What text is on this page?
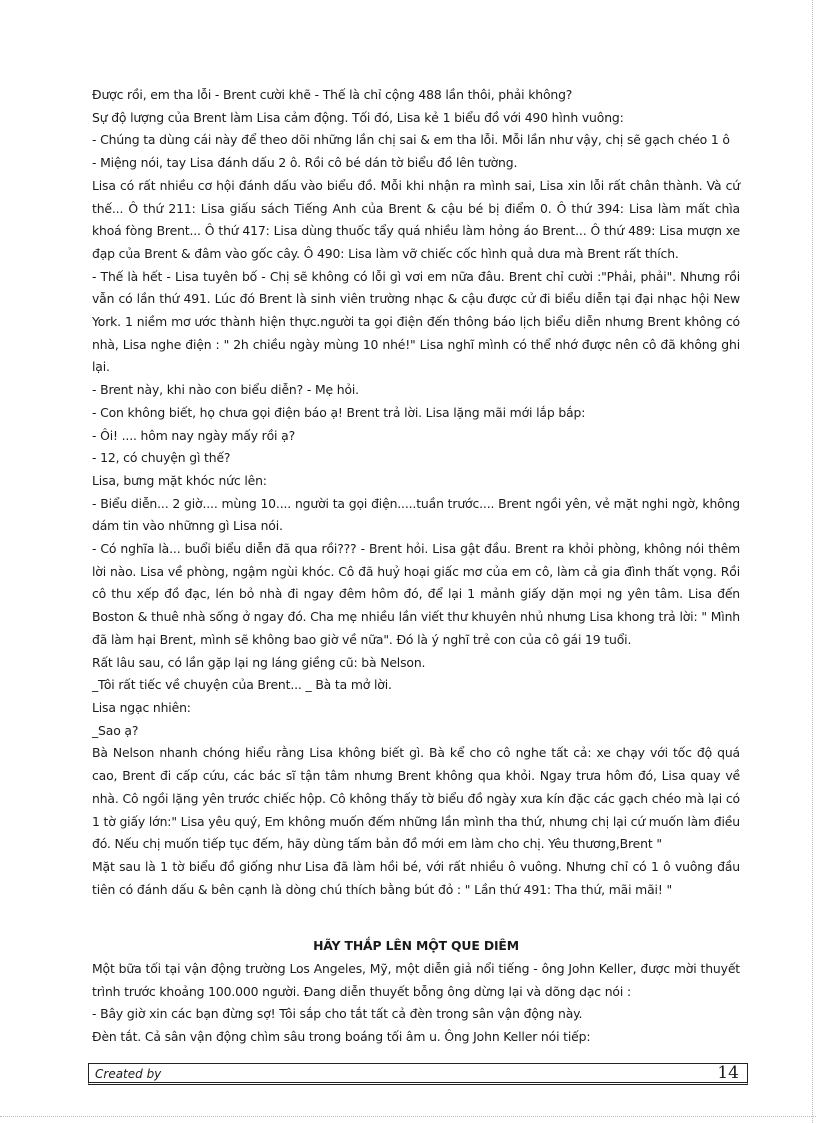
Được rồi, em tha lỗi - Brent cười khẽ - Thế là chỉ cộng 488 lần thôi, phải không?

Sự độ lượng của Brent làm Lisa cảm động. Tối đó, Lisa kẻ 1 biểu đồ với 490 hình vuông:

- Chúng ta dùng cái này để theo dõi những lần chị sai & em tha lỗi. Mỗi lần như vậy, chị sẽ gạch chéo 1 ô

- Miệng nói, tay Lisa đánh dấu 2 ô. Rồi cô bé dán tờ biểu đồ lên tường.

Lisa có rất nhiều cơ hội đánh dấu vào biểu đồ. Mỗi khi nhận ra mình sai, Lisa xin lỗi rất chân thành. Và cứ thế... Ô thứ 211: Lisa giấu sách Tiếng Anh của Brent & cậu bé bị điểm 0. Ô thứ 394: Lisa làm mất chìa khoá fòng Brent... Ô thứ 417: Lisa dùng thuốc tẩy quá nhiều làm hỏng áo Brent... Ô thứ 489: Lisa mượn xe đạp của Brent & đâm vào gốc cây. Ô 490: Lisa làm vỡ chiếc cốc hình quả dưa mà Brent rất thích.

- Thế là hết - Lisa tuyên bố - Chị sẽ không có lỗi gì vơi em nữa đâu. Brent chỉ cười :"Phải, phải". Nhưng rồi vẫn có lần thứ 491. Lúc đó Brent là sinh viên trường nhạc & cậu được cử đi biểu diễn tại đại nhạc hội New York. 1 niềm mơ ước thành hiện thực.người ta gọi điện đến thông báo lịch biểu diễn nhưng Brent không có nhà, Lisa nghe điện : " 2h chiều ngày mùng 10 nhé!" Lisa nghĩ mình có thể nhớ được nên cô đã không ghi lại.

- Brent này, khi nào con biểu diễn? - Mẹ hỏi.

- Con không biết, họ chưa gọi điện báo ạ! Brent trả lời. Lisa lặng mãi mới lắp bắp:

- Ôi! .... hôm nay ngày mấy rồi ạ?

- 12, có chuyện gì thế?

Lisa, bưng mặt khóc nức lên:

- Biểu diễn... 2 giờ.... mùng 10.... người ta gọi điện.....tuần trước.... Brent ngồi yên, vẻ mặt nghi ngờ, không dám tin vào nhữnng gì Lisa nói.

- Có nghĩa là... buổi biểu diễn đã qua rồi??? - Brent hỏi. Lisa gật đầu. Brent ra khỏi phòng, không nói thêm lời nào. Lisa về phòng, ngậm ngùi khóc. Cô đã huỷ hoại giấc mơ của em cô, làm cả gia đình thất vọng. Rồi cô thu xếp đồ đạc, lén bỏ nhà đi ngay đêm hôm đó, để lại 1 mảnh giấy dặn mọi ng yên tâm. Lisa đến Boston & thuê nhà sống ở ngay đó. Cha mẹ nhiều lần viết thư khuyên nhủ nhưng Lisa khong trả lời: " Mình đã làm hại Brent, mình sẽ không bao giờ về nữa". Đó là ý nghĩ trẻ con của cô gái 19 tuổi.

Rất lâu sau, có lần gặp lại ng láng giềng cũ: bà Nelson.

_Tôi rất tiếc về chuyện của Brent... _ Bà ta mở lời.

Lisa ngạc nhiên:

_Sao ạ?

Bà Nelson nhanh chóng hiểu rằng Lisa không biết gì. Bà kể cho cô nghe tất cả: xe chạy với tốc độ quá cao, Brent đi cấp cứu, các bác sĩ tận tâm nhưng Brent không qua khỏi. Ngay trưa hôm đó, Lisa quay về nhà. Cô ngồi lặng yên trước chiếc hộp. Cô không thấy tờ biểu đồ ngày xưa kín đặc các gạch chéo mà lại có 1 tờ giấy lớn:" Lisa yêu quý, Em không muốn đếm những lần mình tha thứ, nhưng chị lại cứ muốn làm điều đó. Nếu chị muốn tiếp tục đếm, hãy dùng tấm bản đồ mới em làm cho chị. Yêu thương,Brent "

Mặt sau là 1 tờ biểu đồ giống như Lisa đã làm hồi bé, với rất nhiều ô vuông. Nhưng chỉ có 1 ô vuông đầu tiên có đánh dấu & bên cạnh là dòng chú thích bằng bút đỏ : " Lần thứ 491: Tha thứ, mãi mãi! "

HÃY THẮP LÊN MỘT QUE DIÊM

Một bữa tối tại vận động trường Los Angeles, Mỹ, một diễn giả nổi tiếng - ông John Keller, được mời thuyết trình trước khoảng 100.000 người. Đang diễn thuyết bỗng ông dừng lại và dõng dạc nói :

- Bây giờ xin các bạn đừng sợ! Tôi sắp cho tắt tất cả đèn trong sân vận động này.

Đèn tắt. Cả sân vận động chìm sâu trong boáng tối âm u. Ông John Keller nói tiếp:

Created by	14
